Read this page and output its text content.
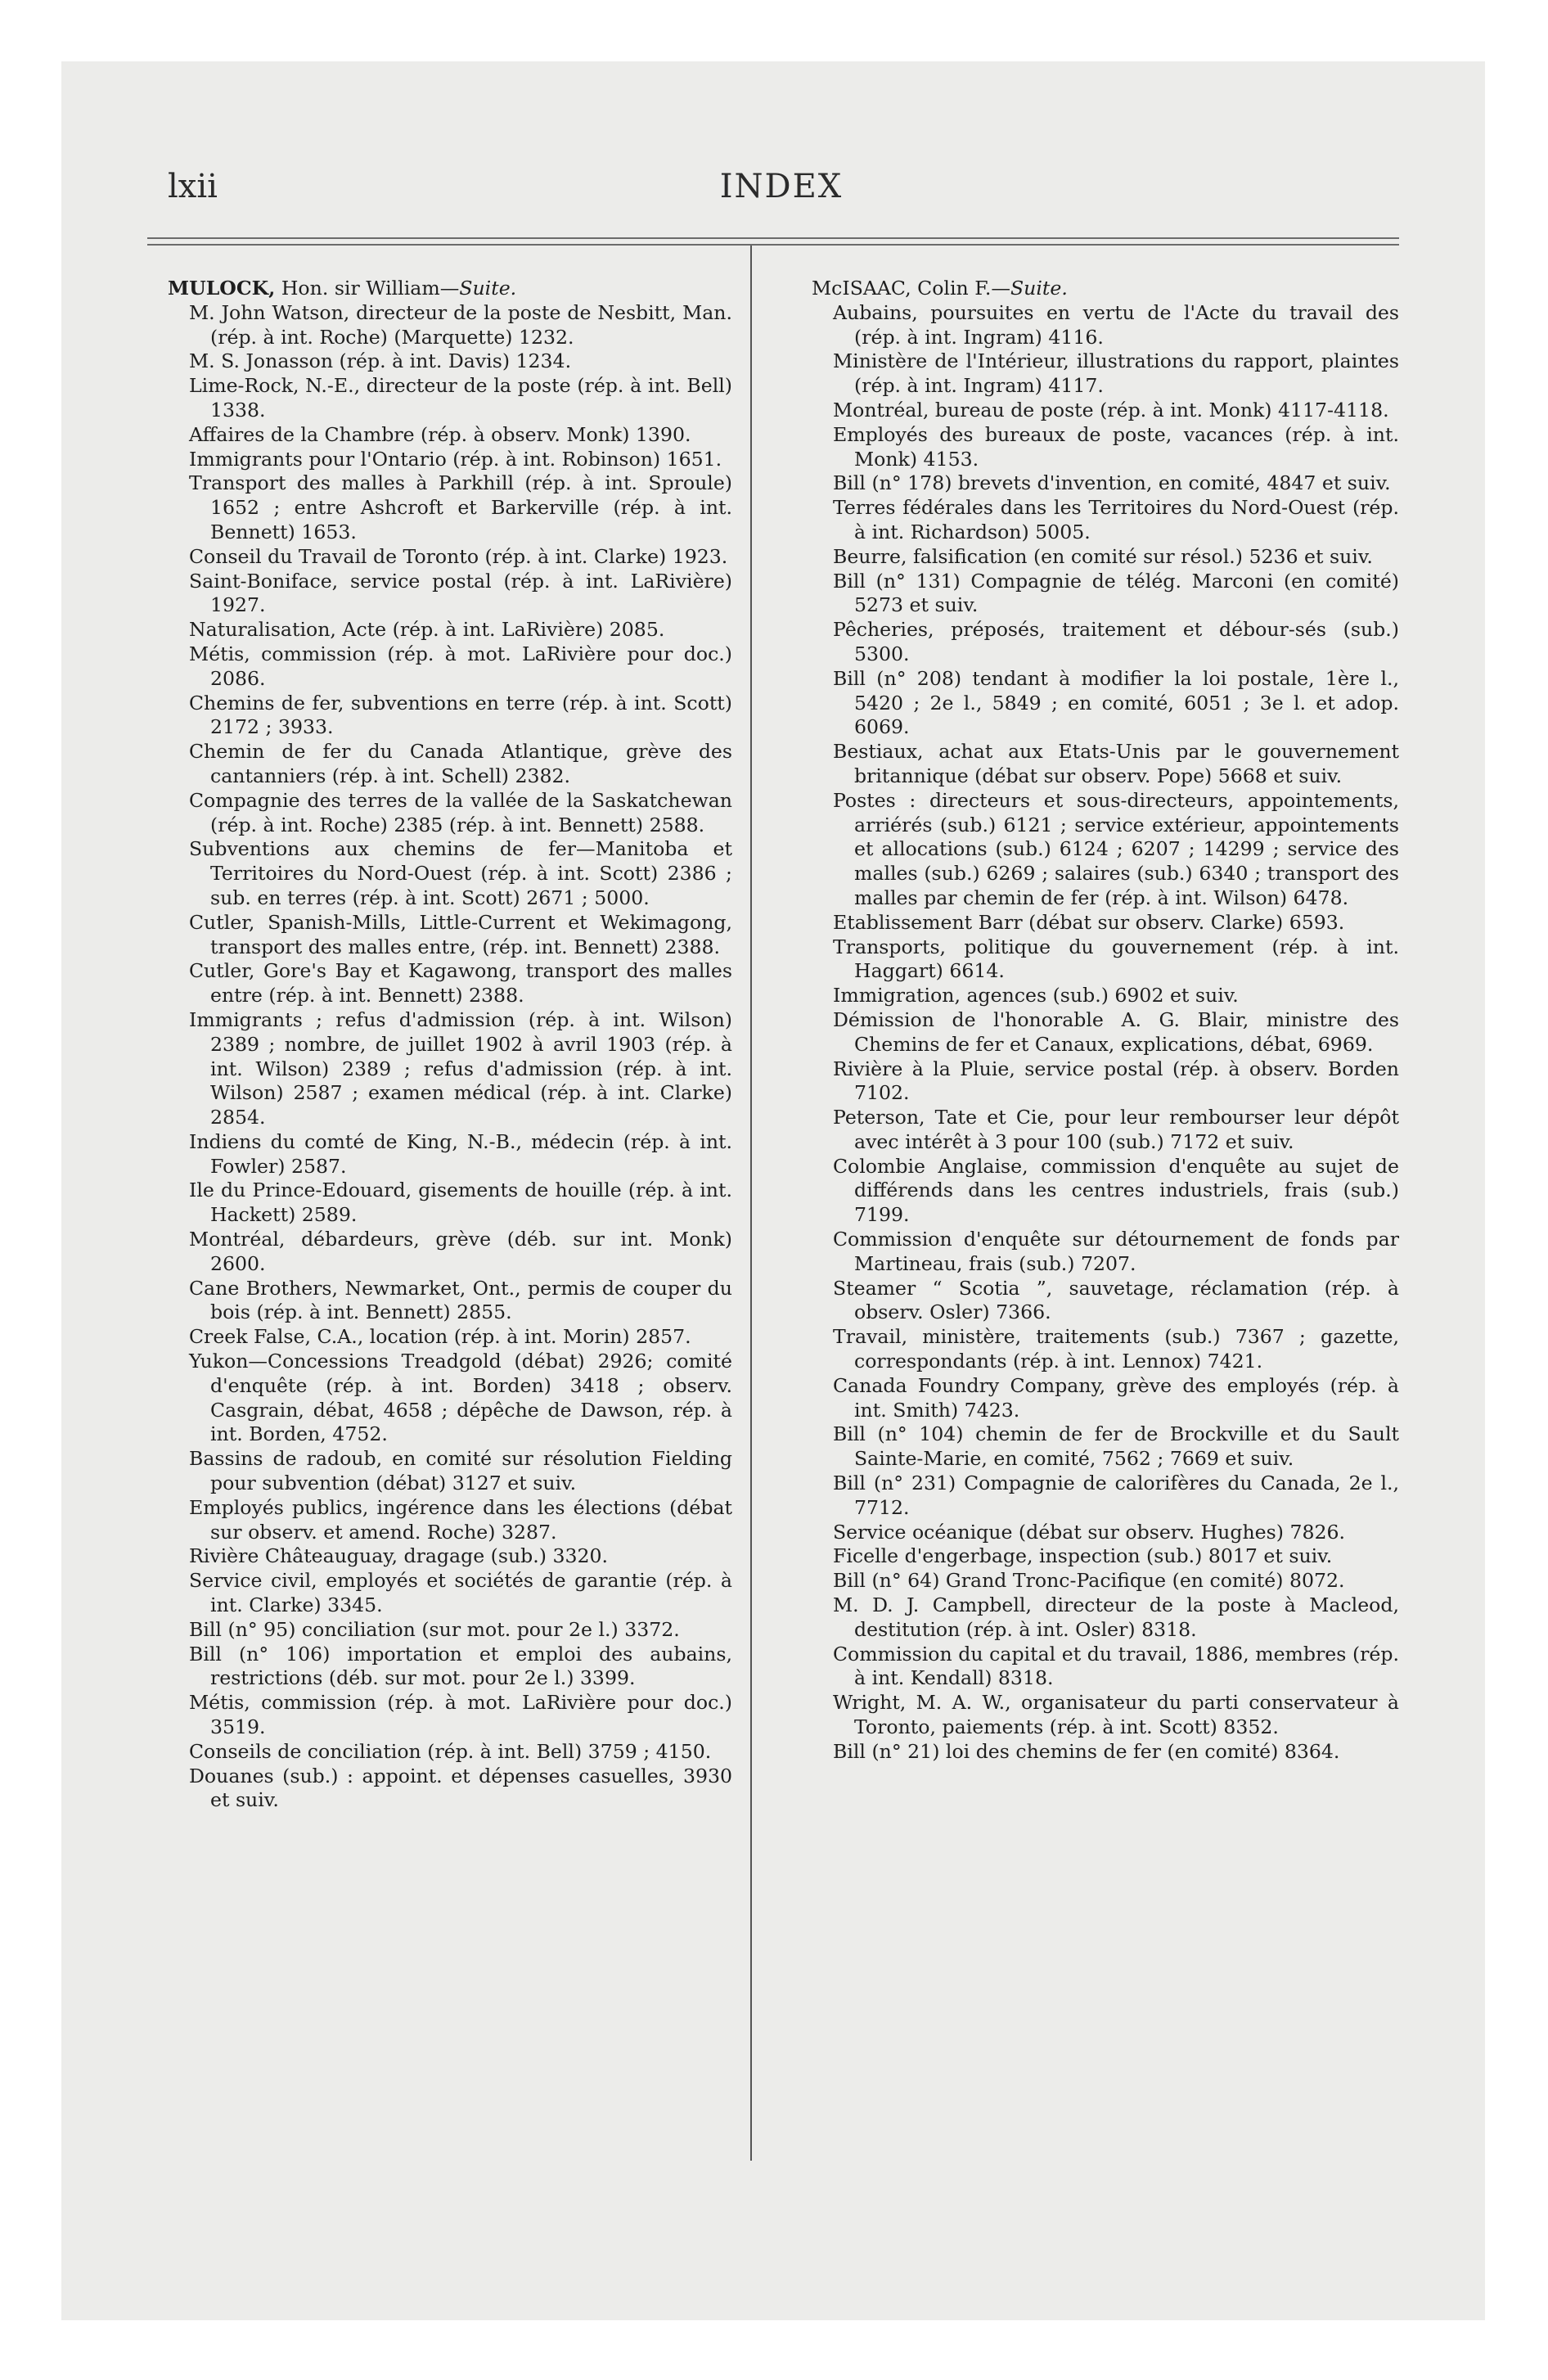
lxii	INDEX
MULOCK, Hon. sir William—Suite.
M. John Watson, directeur de la poste de Nesbitt, Man. (rép. à int. Roche) (Marquette) 1232.
M. S. Jonasson (rép. à int. Davis) 1234.
Lime-Rock, N.-E., directeur de la poste (rép. à int. Bell) 1338.
Affaires de la Chambre (rép. à observ. Monk) 1390.
Immigrants pour l'Ontario (rép. à int. Robinson) 1651.
Transport des malles à Parkhill (rép. à int. Sproule) 1652 ; entre Ashcroft et Barkerville (rép. à int. Bennett) 1653.
Conseil du Travail de Toronto (rép. à int. Clarke) 1923.
Saint-Boniface, service postal (rép. à int. LaRivière) 1927.
Naturalisation, Acte (rép. à int. LaRivière) 2085.
Métis, commission (rép. à mot. LaRivière pour doc.) 2086.
Chemins de fer, subventions en terre (rép. à int. Scott) 2172 ; 3933.
Chemin de fer du Canada Atlantique, grève des cantanniers (rép. à int. Schell) 2382.
Compagnie des terres de la vallée de la Saskatchewan (rép. à int. Roche) 2385 (rép. à int. Bennett) 2588.
Subventions aux chemins de fer—Manitoba et Territoires du Nord-Ouest (rép. à int. Scott) 2386 ; sub. en terres (rép. à int. Scott) 2671 ; 5000.
Cutler, Spanish-Mills, Little-Current et Wekimagong, transport des malles entre, (rép. int. Bennett) 2388.
Cutler, Gore's Bay et Kagawong, transport des malles entre (rép. à int. Bennett) 2388.
Immigrants ; refus d'admission (rép. à int. Wilson) 2389 ; nombre, de juillet 1902 à avril 1903 (rép. à int. Wilson) 2389 ; refus d'admission (rép. à int. Wilson) 2587 ; examen médical (rép. à int. Clarke) 2854.
Indiens du comté de King, N.-B., médecin (rép. à int. Fowler) 2587.
Ile du Prince-Edouard, gisements de houille (rép. à int. Hackett) 2589.
Montréal, débardeurs, grève (déb. sur int. Monk) 2600.
Cane Brothers, Newmarket, Ont., permis de couper du bois (rép. à int. Bennett) 2855.
Creek False, C.A., location (rép. à int. Morin) 2857.
Yukon—Concessions Treadgold (débat) 2926; comité d'enquête (rép. à int. Borden) 3418 ; observ. Casgrain, débat, 4658 ; dépêche de Dawson, rép. à int. Borden, 4752.
Bassins de radoub, en comité sur résolution Fielding pour subvention (débat) 3127 et suiv.
Employés publics, ingérence dans les élections (débat sur observ. et amend. Roche) 3287.
Rivière Châteauguay, dragage (sub.) 3320.
Service civil, employés et sociétés de garantie (rép. à int. Clarke) 3345.
Bill (n° 95) conciliation (sur mot. pour 2e l.) 3372.
Bill (n° 106) importation et emploi des aubains, restrictions (déb. sur mot. pour 2e l.) 3399.
Métis, commission (rép. à mot. LaRivière pour doc.) 3519.
Conseils de conciliation (rép. à int. Bell) 3759 ; 4150.
Douanes (sub.) : appoint. et dépenses casuelles, 3930 et suiv.
McISAAC, Colin F.—Suite.
Aubains, poursuites en vertu de l'Acte du travail des (rép. à int. Ingram) 4116.
Ministère de l'Intérieur, illustrations du rapport, plaintes (rép. à int. Ingram) 4117.
Montréal, bureau de poste (rép. à int. Monk) 4117-4118.
Employés des bureaux de poste, vacances (rép. à int. Monk) 4153.
Bill (n° 178) brevets d'invention, en comité, 4847 et suiv.
Terres fédérales dans les Territoires du Nord-Ouest (rép. à int. Richardson) 5005.
Beurre, falsification (en comité sur résol.) 5236 et suiv.
Bill (n° 131) Compagnie de télég. Marconi (en comité) 5273 et suiv.
Pêcheries, préposés, traitement et débour-sés (sub.) 5300.
Bill (n° 208) tendant à modifier la loi postale, 1ère l., 5420 ; 2e l., 5849 ; en comité, 6051 ; 3e l. et adop. 6069.
Bestiaux, achat aux Etats-Unis par le gouvernement britannique (débat sur observ. Pope) 5668 et suiv.
Postes : directeurs et sous-directeurs, appointements, arriérés (sub.) 6121 ; service extérieur, appointements et allocations (sub.) 6124 ; 6207 ; 14299 ; service des malles (sub.) 6269 ; salaires (sub.) 6340 ; transport des malles par chemin de fer (rép. à int. Wilson) 6478.
Etablissement Barr (débat sur observ. Clarke) 6593.
Transports, politique du gouvernement (rép. à int. Haggart) 6614.
Immigration, agences (sub.) 6902 et suiv.
Démission de l'honorable A. G. Blair, ministre des Chemins de fer et Canaux, explications, débat, 6969.
Rivière à la Pluie, service postal (rép. à observ. Borden 7102.
Peterson, Tate et Cie, pour leur rembourser leur dépôt avec intérêt à 3 pour 100 (sub.) 7172 et suiv.
Colombie Anglaise, commission d'enquête au sujet de différends dans les centres industriels, frais (sub.) 7199.
Commission d'enquête sur détournement de fonds par Martineau, frais (sub.) 7207.
Steamer “ Scotia ”, sauvetage, réclamation (rép. à observ. Osler) 7366.
Travail, ministère, traitements (sub.) 7367 ; gazette, correspondants (rép. à int. Lennox) 7421.
Canada Foundry Company, grève des employés (rép. à int. Smith) 7423.
Bill (n° 104) chemin de fer de Brockville et du Sault Sainte-Marie, en comité, 7562 ; 7669 et suiv.
Bill (n° 231) Compagnie de calorifères du Canada, 2e l., 7712.
Service océanique (débat sur observ. Hughes) 7826.
Ficelle d'engerbage, inspection (sub.) 8017 et suiv.
Bill (n° 64) Grand Tronc-Pacifique (en comité) 8072.
M. D. J. Campbell, directeur de la poste à Macleod, destitution (rép. à int. Osler) 8318.
Commission du capital et du travail, 1886, membres (rép. à int. Kendall) 8318.
Wright, M. A. W., organisateur du parti conservateur à Toronto, paiements (rép. à int. Scott) 8352.
Bill (n° 21) loi des chemins de fer (en comité) 8364.
